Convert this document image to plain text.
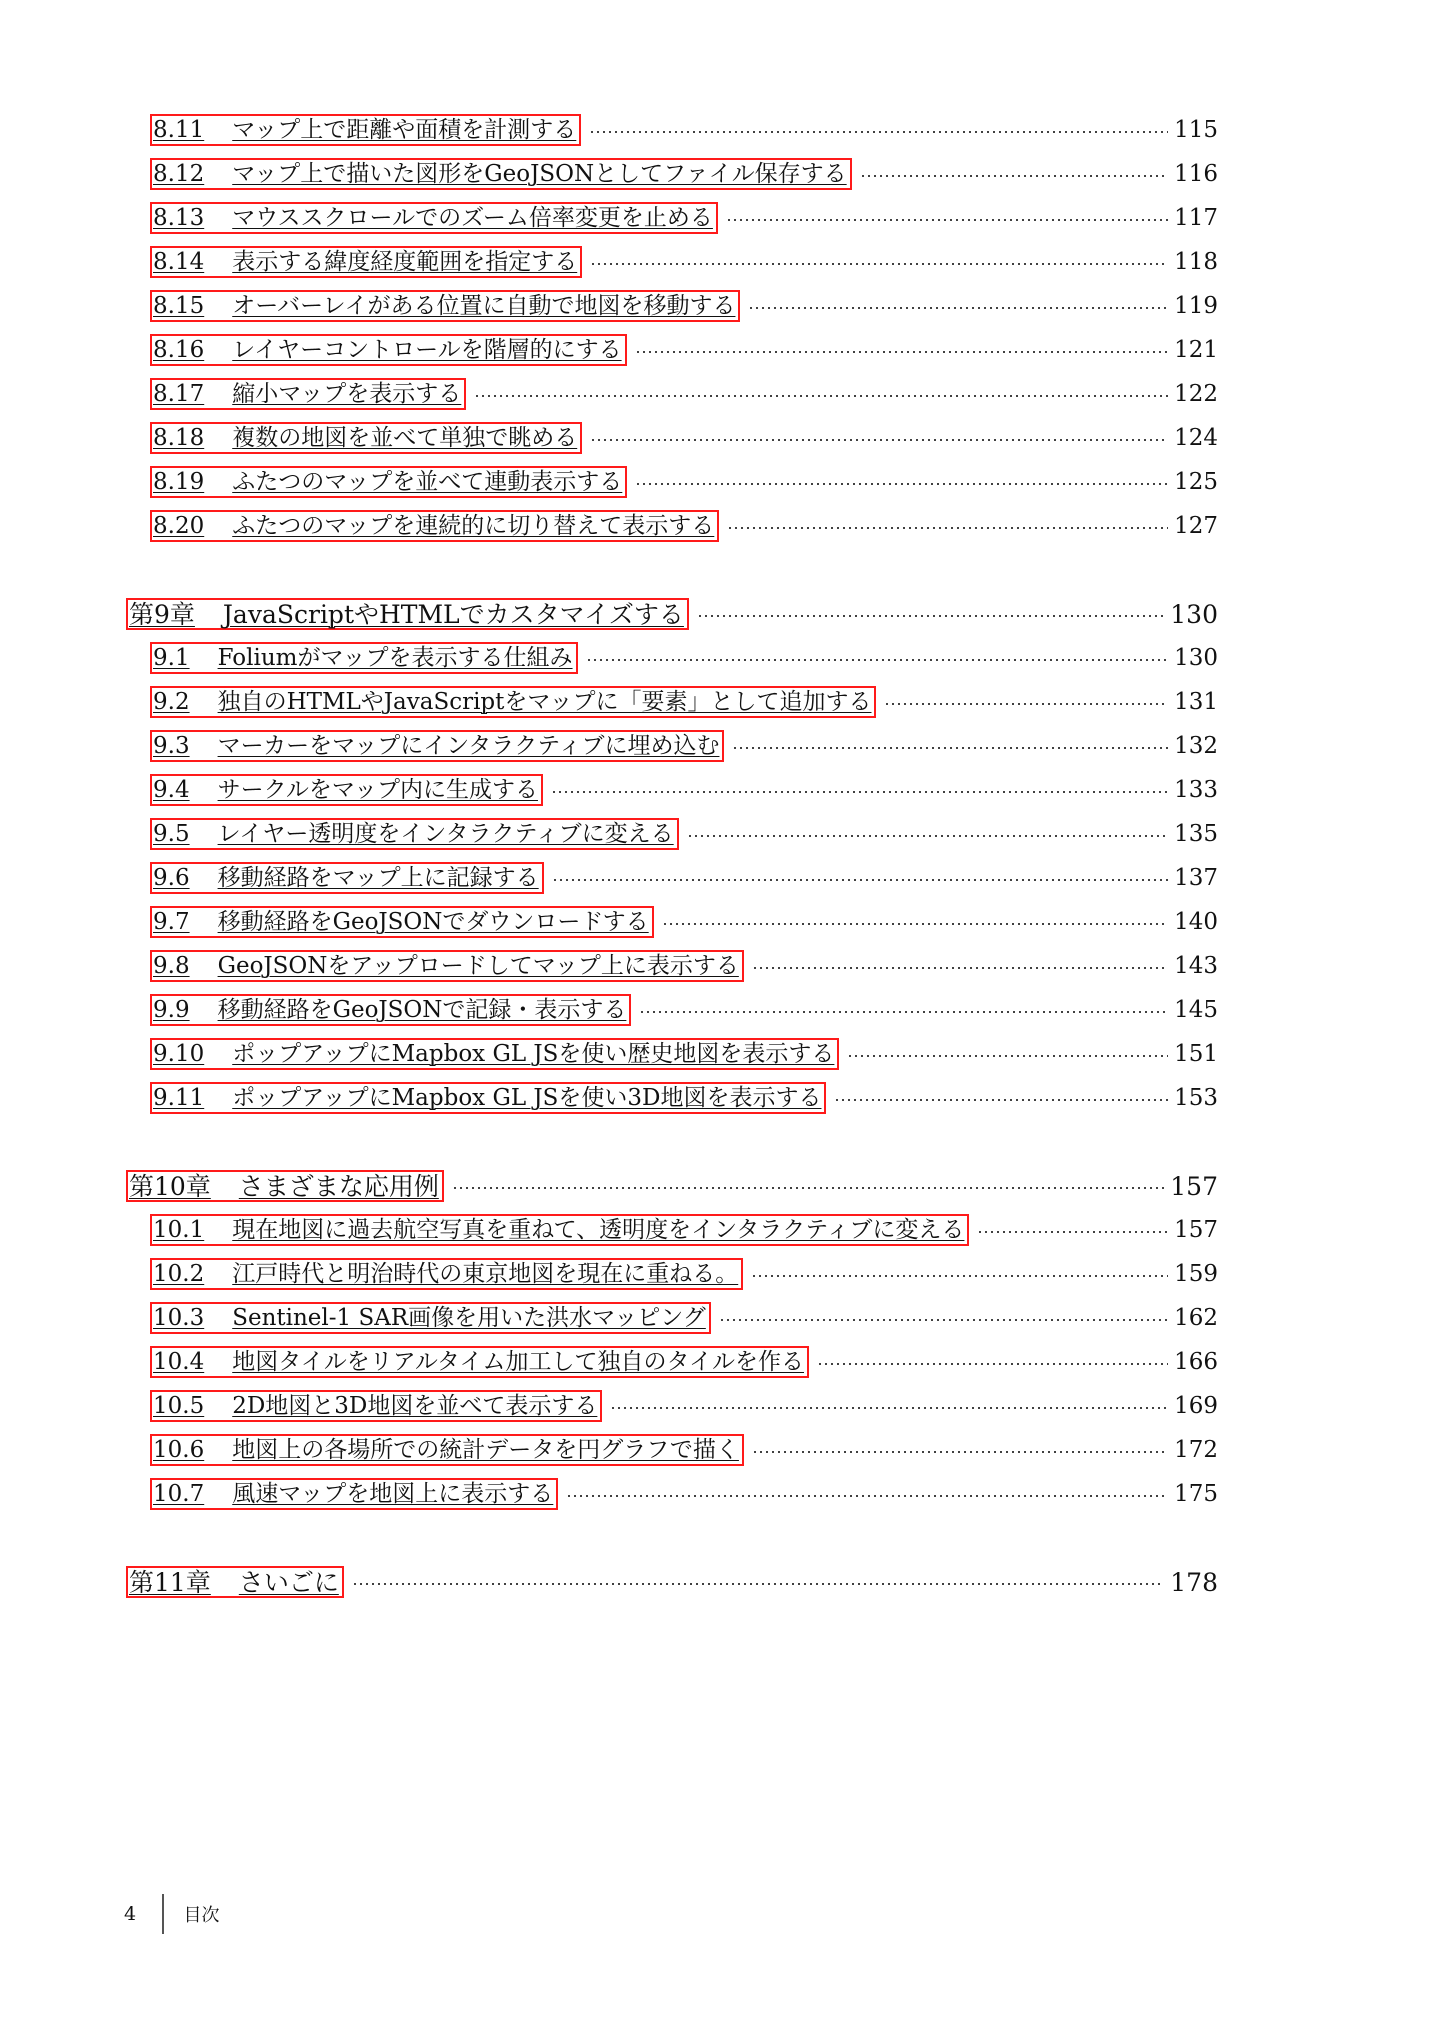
8.11 マップ上で距離や面積を計測する	115
8.12 マップ上で描いた図形をGeoJSONとしてファイル保存する	116
8.13 マウススクロールでのズーム倍率変更を止める	117
8.14 表示する緯度経度範囲を指定する	118
8.15 オーバーレイがある位置に自動で地図を移動する	119
8.16 レイヤーコントロールを階層的にする	121
8.17 縮小マップを表示する	122
8.18 複数の地図を並べて単独で眺める	124
8.19 ふたつのマップを並べて連動表示する	125
8.20 ふたつのマップを連続的に切り替えて表示する	127
第9章 JavaScriptやHTMLでカスタマイズする	130
9.1 Foliumがマップを表示する仕組み	130
9.2 独自のHTMLやJavaScriptをマップに「要素」として追加する	131
9.3 マーカーをマップにインタラクティブに埋め込む	132
9.4 サークルをマップ内に生成する	133
9.5 レイヤー透明度をインタラクティブに変える	135
9.6 移動経路をマップ上に記録する	137
9.7 移動経路をGeoJSONでダウンロードする	140
9.8 GeoJSONをアップロードしてマップ上に表示する	143
9.9 移動経路をGeoJSONで記録・表示する	145
9.10 ポップアップにMapbox GL JSを使い歴史地図を表示する	151
9.11 ポップアップにMapbox GL JSを使い3D地図を表示する	153
第10章 さまざまな応用例	157
10.1 現在地図に過去航空写真を重ねて、透明度をインタラクティブに変える	157
10.2 江戸時代と明治時代の東京地図を現在に重ねる。	159
10.3 Sentinel-1 SAR画像を用いた洪水マッピング	162
10.4 地図タイルをリアルタイム加工して独自のタイルを作る	166
10.5 2D地図と3D地図を並べて表示する	169
10.6 地図上の各場所での統計データを円グラフで描く	172
10.7 風速マップを地図上に表示する	175
第11章 さいごに	178
4	目次
